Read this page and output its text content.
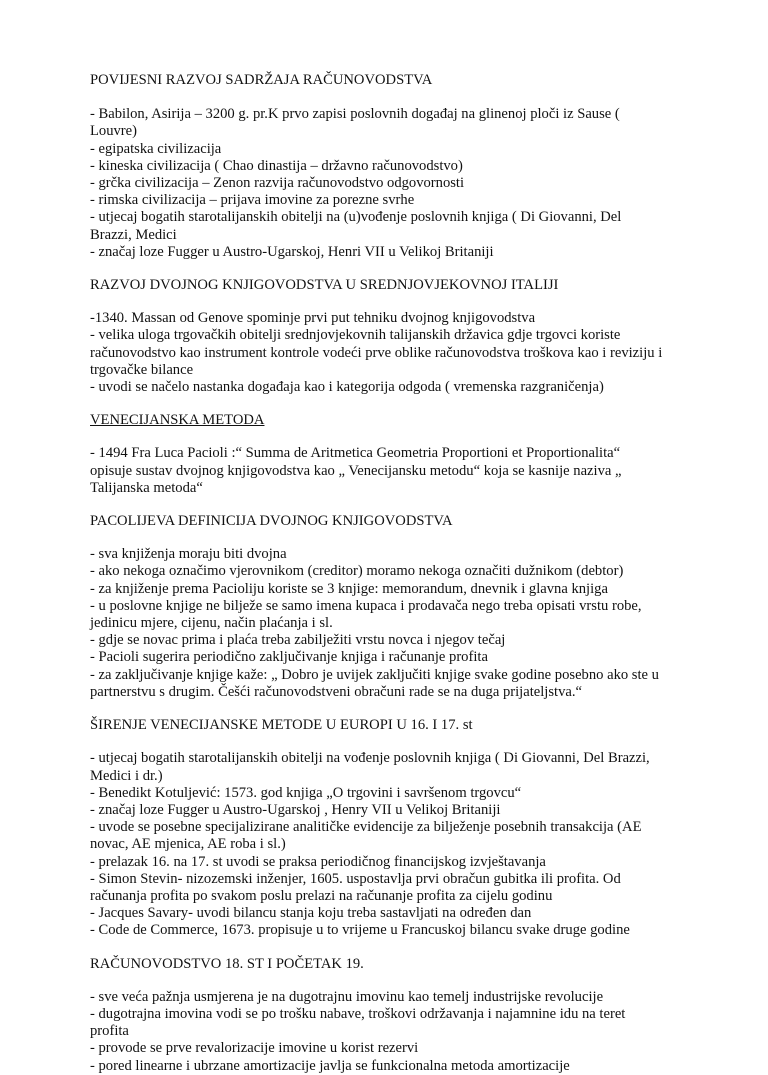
POVIJESNI RAZVOJ SADRŽAJA RAČUNOVODSTVA
- Babilon, Asirija – 3200 g. pr.K prvo zapisi poslovnih događaj na glinenoj ploči iz Sause ( Louvre)
- egipatska civilizacija
- kineska civilizacija ( Chao dinastija – državno računovodstvo)
- grčka civilizacija – Zenon razvija računovodstvo odgovornosti
- rimska civilizacija – prijava imovine za porezne svrhe
- utjecaj bogatih starotalijanskih obitelji na (u)vođenje poslovnih knjiga ( Di Giovanni, Del Brazzi, Medici
- značaj loze Fugger u Austro-Ugarskoj, Henri VII u Velikoj Britaniji
RAZVOJ DVOJNOG KNJIGOVODSTVA U SREDNJOVJEKOVNOJ ITALIJI
-1340. Massan od Genove spominje prvi put tehniku dvojnog knjigovodstva
- velika uloga trgovačkih obitelji srednjovjekovnih talijanskih državica gdje trgovci koriste računovodstvo kao instrument kontrole vodeći prve oblike računovodstva troškova kao i reviziju i trgovačke bilance
- uvodi se načelo nastanka događaja kao i kategorija odgoda ( vremenska razgraničenja)
VENECIJANSKA METODA
- 1494 Fra Luca Pacioli :“ Summa de Aritmetica Geometria Proportioni et Proportionalita“ opisuje sustav dvojnog knjigovodstva kao „ Venecijansku metodu“ koja se kasnije naziva „ Talijanska metoda“
PACOLIJEVA DEFINICIJA DVOJNOG KNJIGOVODSTVA
- sva knjiženja moraju biti dvojna
- ako nekoga označimo vjerovnikom (creditor) moramo nekoga označiti dužnikom (debtor)
- za knjiženje prema Pacioliju koriste se 3 knjige: memorandum, dnevnik i glavna knjiga
- u poslovne knjige ne bilježe se samo imena kupaca i prodavača nego treba opisati vrstu robe, jedinicu mjere, cijenu, način plaćanja i sl.
- gdje se novac prima i plaća treba zabilježiti vrstu novca i njegov tečaj
- Pacioli sugerira periodično zaključivanje knjiga i računanje profita
- za zaključivanje knjige kaže: „ Dobro je uvijek zaključiti knjige svake godine posebno ako ste u partnerstvu s drugim. Češći računovodstveni obračuni rade se na duga prijateljstva.“
ŠIRENJE VENECIJANSKE METODE U EUROPI U 16. I 17. st
- utjecaj bogatih starotalijanskih obitelji na vođenje poslovnih knjiga ( Di Giovanni, Del Brazzi, Medici i dr.)
- Benedikt Kotuljević: 1573. god knjiga „O trgovini i savršenom trgovcu“
- značaj loze Fugger u Austro-Ugarskoj , Henry VII u Velikoj Britaniji
- uvode se posebne specijalizirane analitičke evidencije za bilježenje posebnih transakcija (AE novac, AE mjenica, AE roba i sl.)
- prelazak 16. na 17. st uvodi se praksa periodičnog financijskog izvještavanja
- Simon Stevin- nizozemski inženjer, 1605. uspostavlja prvi obračun gubitka ili profita. Od računanja profita po svakom poslu prelazi na računanje profita za cijelu godinu
- Jacques Savary- uvodi bilancu stanja koju treba sastavljati na određen dan
- Code de Commerce, 1673. propisuje u to vrijeme u Francuskoj bilancu svake druge godine
RAČUNOVODSTVO 18. ST I POČETAK 19.
- sve veća pažnja usmjerena je na dugotrajnu imovinu kao temelj industrijske revolucije
- dugotrajna imovina vodi se po trošku nabave, troškovi održavanja i najamnine idu na teret profita
- provode se prve revalorizacije imovine u korist rezervi
- pored linearne i ubrzane amortizacije javlja se funkcionalna metoda amortizacije
